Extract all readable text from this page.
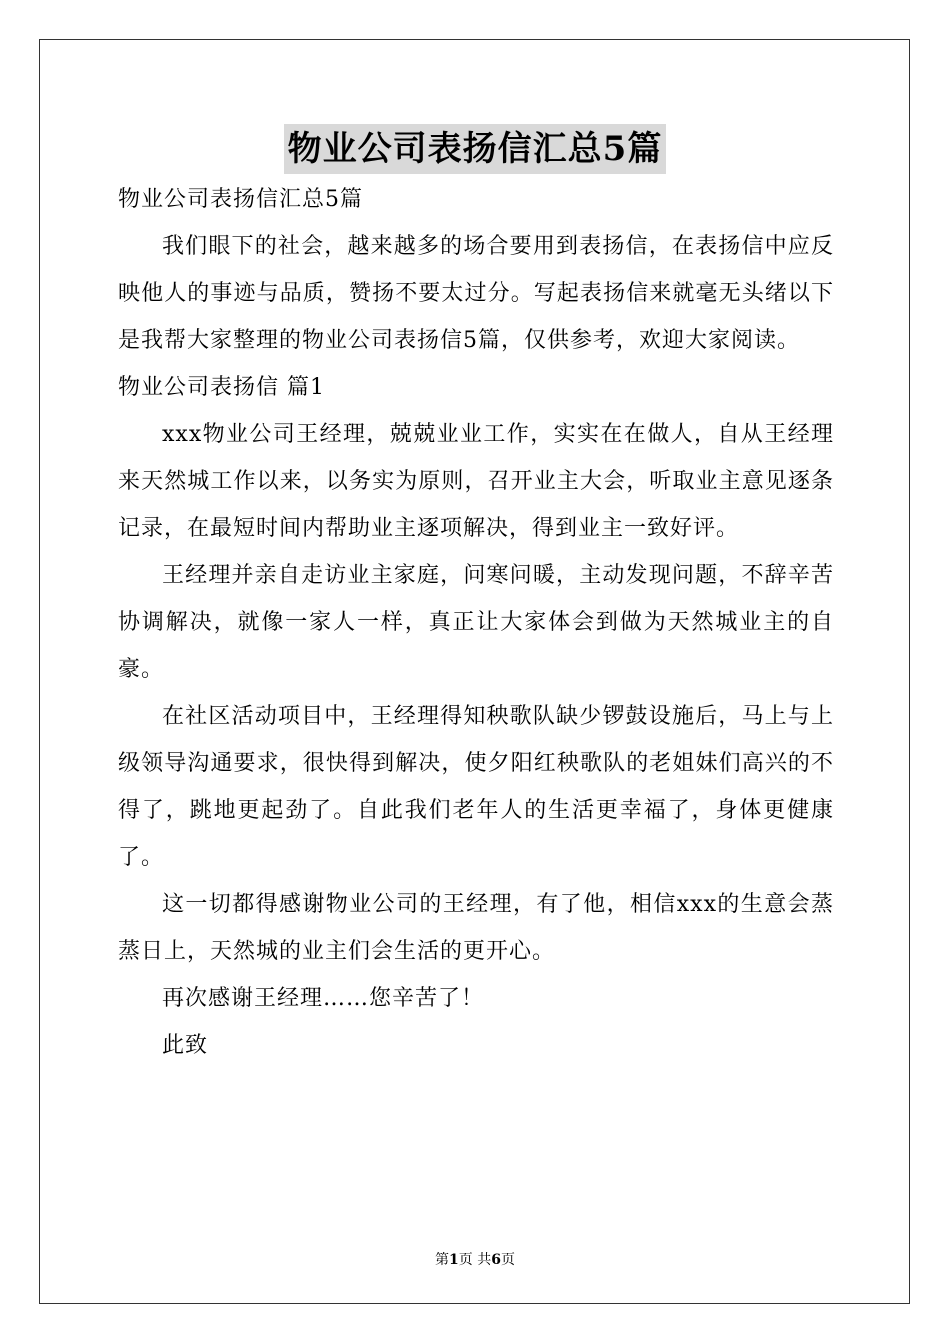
物业公司表扬信汇总5篇

物业公司表扬信汇总5篇

我们眼下的社会，越来越多的场合要用到表扬信，在表扬信中应反映他人的事迹与品质，赞扬不要太过分。写起表扬信来就毫无头绪以下是我帮大家整理的物业公司表扬信5篇，仅供参考，欢迎大家阅读。

物业公司表扬信 篇1

xxx物业公司王经理，兢兢业业工作，实实在在做人，自从王经理来天然城工作以来，以务实为原则，召开业主大会，听取业主意见逐条记录，在最短时间内帮助业主逐项解决，得到业主一致好评。

王经理并亲自走访业主家庭，问寒问暖，主动发现问题，不辞辛苦协调解决，就像一家人一样，真正让大家体会到做为天然城业主的自豪。

在社区活动项目中，王经理得知秧歌队缺少锣鼓设施后，马上与上级领导沟通要求，很快得到解决，使夕阳红秧歌队的老姐妹们高兴的不得了，跳地更起劲了。自此我们老年人的生活更幸福了，身体更健康了。

这一切都得感谢物业公司的王经理，有了他，相信xxx的生意会蒸蒸日上，天然城的业主们会生活的更开心。

再次感谢王经理……您辛苦了！

此致

第1页 共6页
